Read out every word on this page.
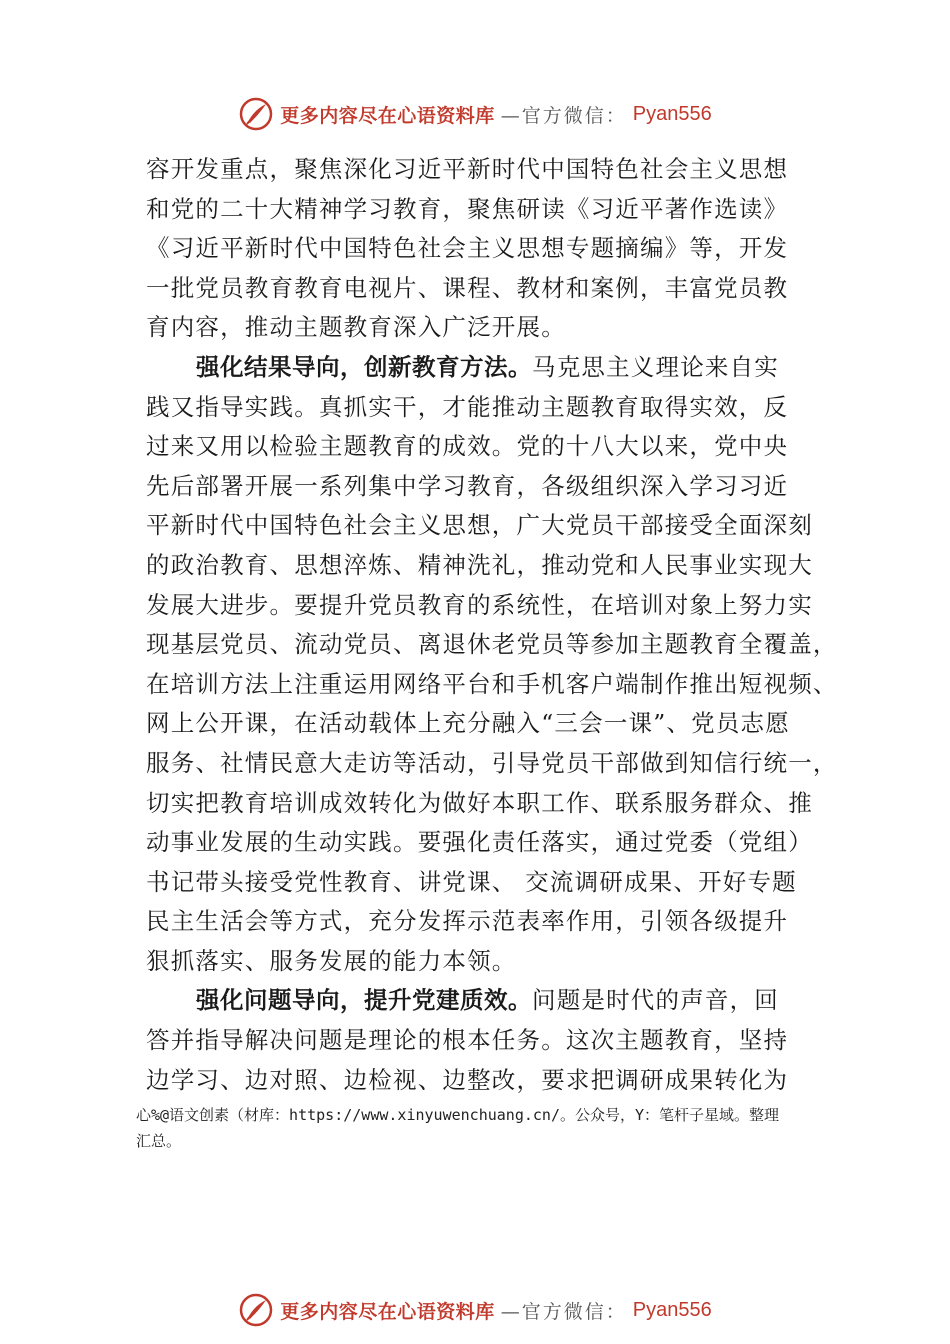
更多内容尽在心语资料库 —官方微信： Pyan556
容开发重点，聚焦深化习近平新时代中国特色社会主义思想
和党的二十大精神学习教育，聚焦研读《习近平著作选读》
《习近平新时代中国特色社会主义思想专题摘编》等，开发
一批党员教育教育电视片、课程、教材和案例，丰富党员教
育内容，推动主题教育深入广泛开展。
强化结果导向，创新教育方法。马克思主义理论来自实
践又指导实践。真抓实干，才能推动主题教育取得实效，反
过来又用以检验主题教育的成效。党的十八大以来，党中央
先后部署开展一系列集中学习教育，各级组织深入学习习近
平新时代中国特色社会主义思想，广大党员干部接受全面深刻
的政治教育、思想淬炼、精神洗礼，推动党和人民事业实现大
发展大进步。要提升党员教育的系统性，在培训对象上努力实
现基层党员、流动党员、离退休老党员等参加主题教育全覆盖，
在培训方法上注重运用网络平台和手机客户端制作推出短视频、
网上公开课，在活动载体上充分融入“三会一课”、党员志愿
服务、社情民意大走访等活动，引导党员干部做到知信行统一，
切实把教育培训成效转化为做好本职工作、联系服务群众、推
动事业发展的生动实践。要强化责任落实，通过党委（党组）
书记带头接受党性教育、讲党课、 交流调研成果、开好专题
民主生活会等方式，充分发挥示范表率作用，引领各级提升
狠抓落实、服务发展的能力本领。
强化问题导向，提升党建质效。问题是时代的声音，回
答并指导解决问题是理论的根本任务。这次主题教育，坚持
边学习、边对照、边检视、边整改，要求把调研成果转化为
心%@语文创素（材库：https://www.xinyuwenchuang.cn/。公众号，Y：笔杆子星域。整理
汇总。
更多内容尽在心语资料库 —官方微信： Pyan556
